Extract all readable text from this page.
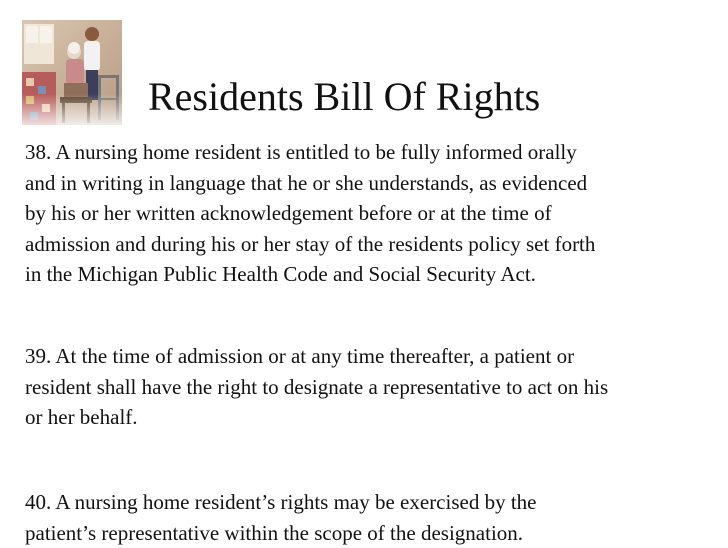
Residents Bill Of Rights
38. A nursing home resident is entitled to be fully informed orally
and in writing in language that he or she understands, as evidenced
by his or her written acknowledgement before or at the time of
admission and during his or her stay of the residents policy set forth
in the Michigan Public Health Code and Social Security Act.
39. At the time of admission or at any time thereafter, a patient or
resident shall have the right to designate a representative to act on his
or her behalf.
40. A nursing home resident’s rights may be exercised by the
patient’s representative within the scope of the designation.
